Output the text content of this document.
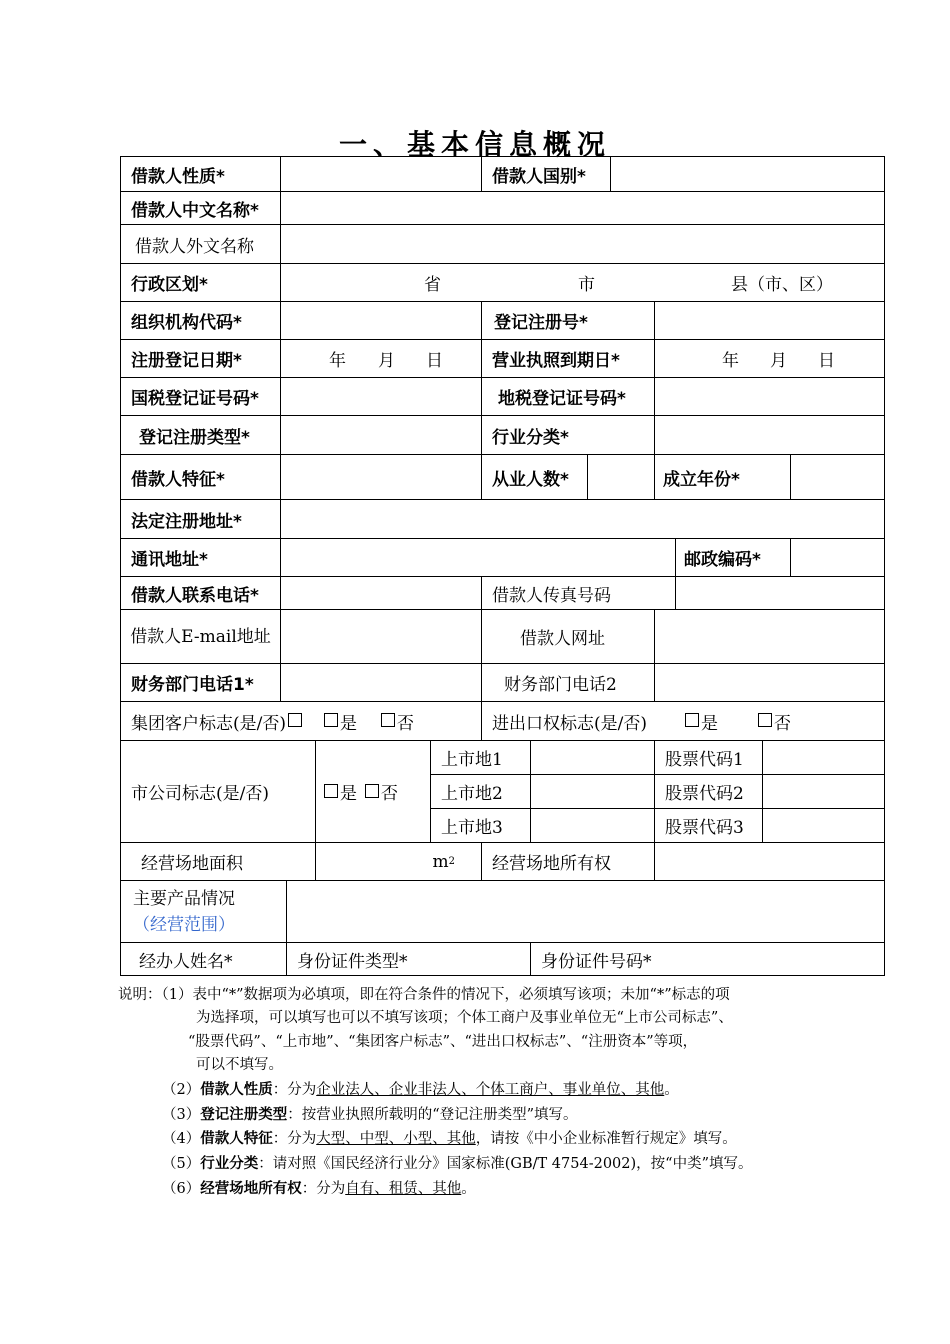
一、基本信息概况
借款人性质*	借款人国别*
借款人中文名称*
借款人外文名称
行政区划*	省	市	县（市、区）
组织机构代码*	登记注册号*
注册登记日期*	年 月 日	营业执照到期日*	年 月 日
国税登记证号码*	地税登记证号码*
登记注册类型*	行业分类*
借款人特征*	从业人数*	成立年份*
法定注册地址*
通讯地址*	邮政编码*
借款人联系电话*	借款人传真号码
借款人E-mail地址	借款人网址
财务部门电话1*	财务部门电话2
集团客户标志(是/否)	是 否	进出口权标志(是/否)	是	否
市公司标志(是/否)	是 否
上市地1	股票代码1
上市地2	股票代码2
上市地3	股票代码3
经营场地面积	m 2	经营场地所有权
主要产品情况
（经营范围）
经办人姓名*	身份证件类型*	身份证件号码*
说明：（1）表中“*”数据项为必填项，即在符合条件的情况下，必须填写该项；未加“*”标志的项
为选择项，可以填写也可以不填写该项；个体工商户及事业单位无“上市公司标志”、
“股票代码”、“上市地”、“集团客户标志”、“进出口权标志”、“注册资本”等项，
可以不填写。
（2）借款人性质：分为企业法人、企业非法人、个体工商户、事业单位、其他。
（3）登记注册类型：按营业执照所载明的“登记注册类型”填写。
（4）借款人特征：分为大型、中型、小型、其他，请按《中小企业标准暂行规定》填写。
（5）行业分类：请对照《国民经济行业分》国家标准(GB/T 4754-2002)，按“中类”填写。
（6）经营场地所有权：分为自有、租赁、其他。
